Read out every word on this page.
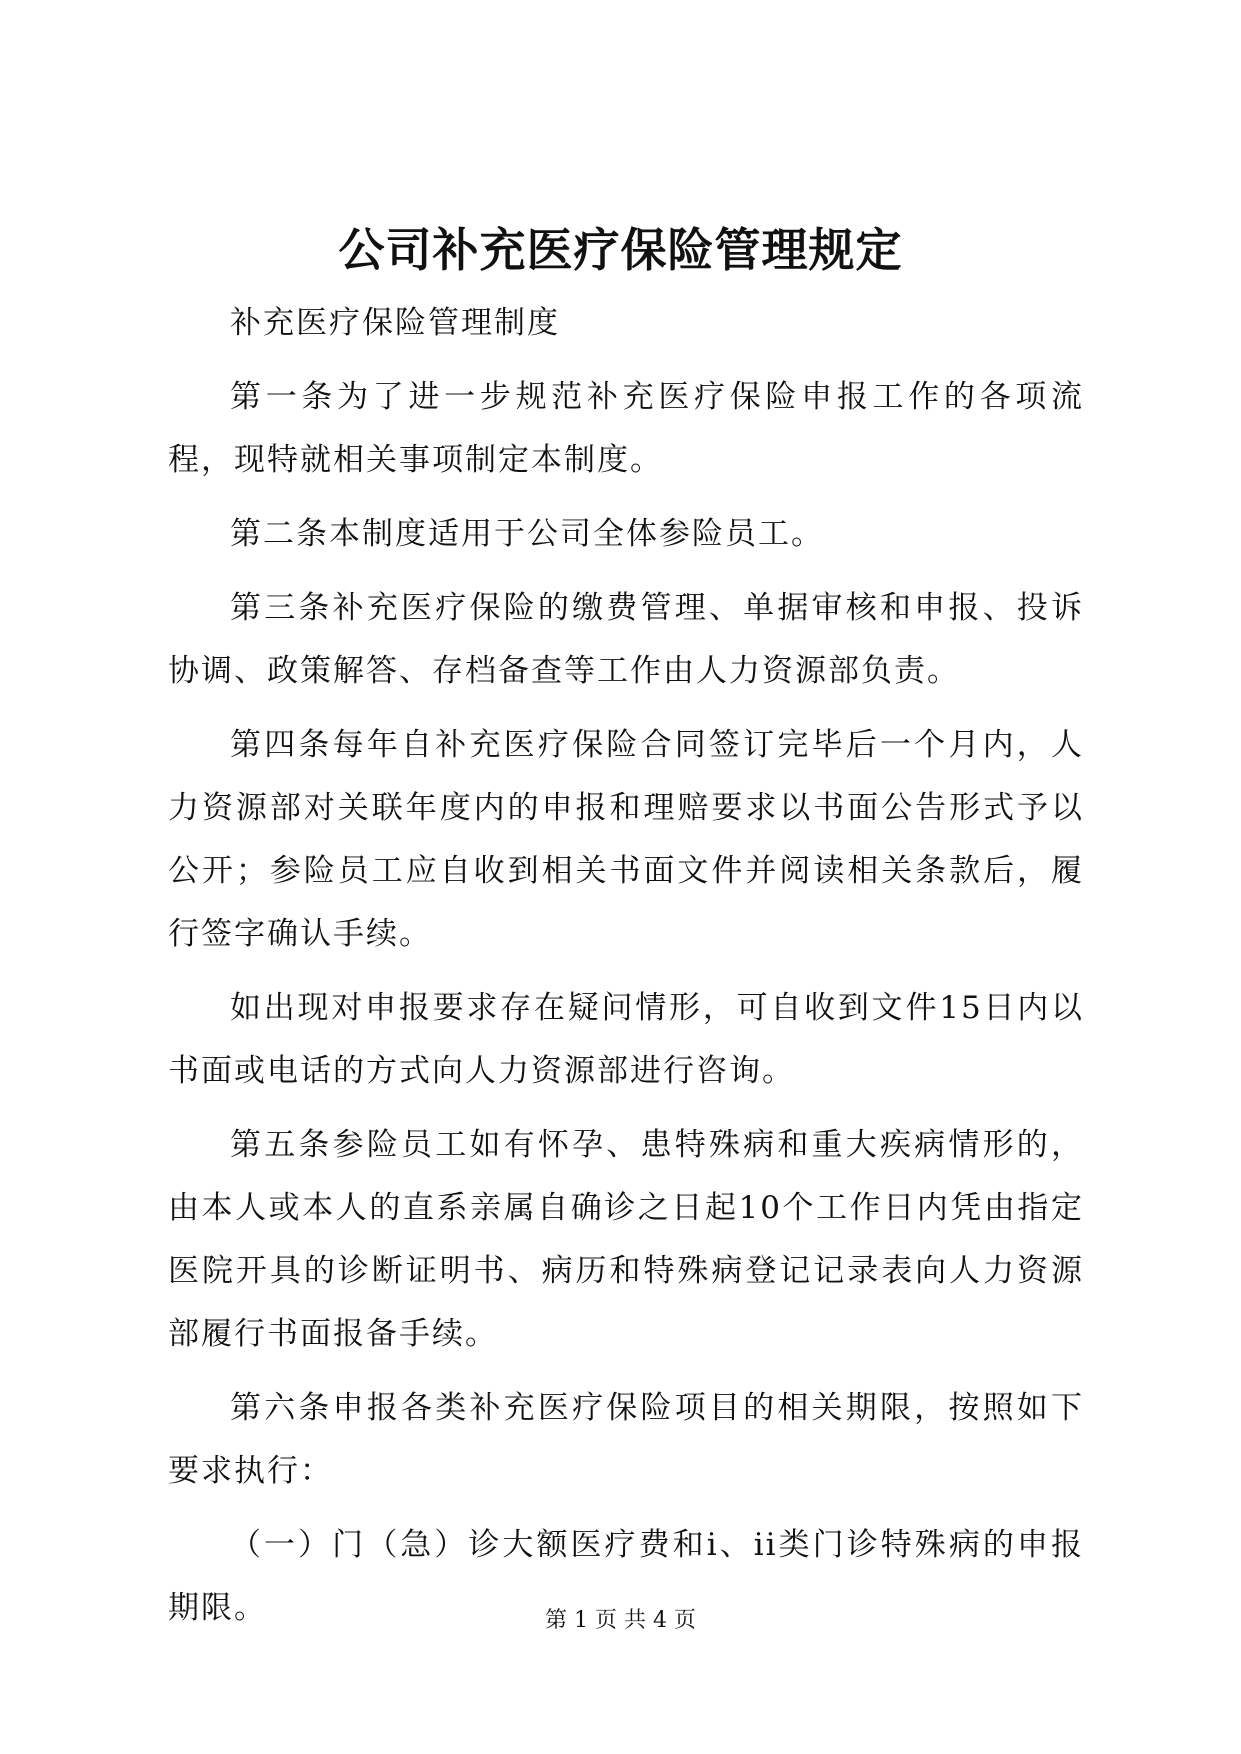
公司补充医疗保险管理规定

补充医疗保险管理制度

第一条为了进一步规范补充医疗保险申报工作的各项流程，现特就相关事项制定本制度。

第二条本制度适用于公司全体参险员工。

第三条补充医疗保险的缴费管理、单据审核和申报、投诉协调、政策解答、存档备查等工作由人力资源部负责。

第四条每年自补充医疗保险合同签订完毕后一个月内，人力资源部对关联年度内的申报和理赔要求以书面公告形式予以公开；参险员工应自收到相关书面文件并阅读相关条款后，履行签字确认手续。

如出现对申报要求存在疑问情形，可自收到文件15日内以书面或电话的方式向人力资源部进行咨询。

第五条参险员工如有怀孕、患特殊病和重大疾病情形的，由本人或本人的直系亲属自确诊之日起10个工作日内凭由指定医院开具的诊断证明书、病历和特殊病登记记录表向人力资源部履行书面报备手续。

第六条申报各类补充医疗保险项目的相关期限，按照如下要求执行：

（一）门（急）诊大额医疗费和i、ii类门诊特殊病的申报期限。	第 1 页 共 4 页
